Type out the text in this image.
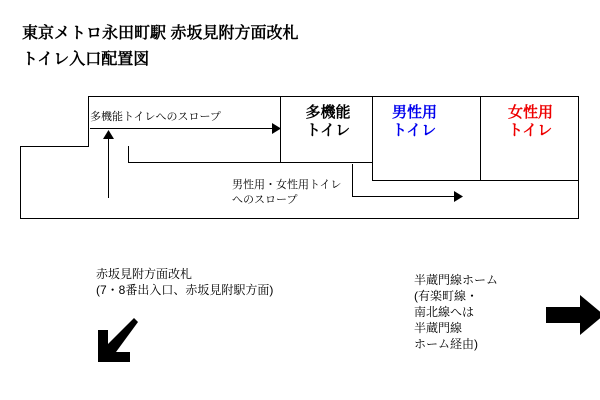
東京メトロ永田町駅 赤坂見附方面改札
トイレ入口配置図
多機能
トイレ
男性用
トイレ
女性用
トイレ
多機能トイレへのスロープ
男性用・女性用トイレ
へのスロープ
赤坂見附方面改札
(7・8番出入口、赤坂見附駅方面)
半蔵門線ホーム
(有楽町線・
南北線へは
半蔵門線
ホーム経由)
